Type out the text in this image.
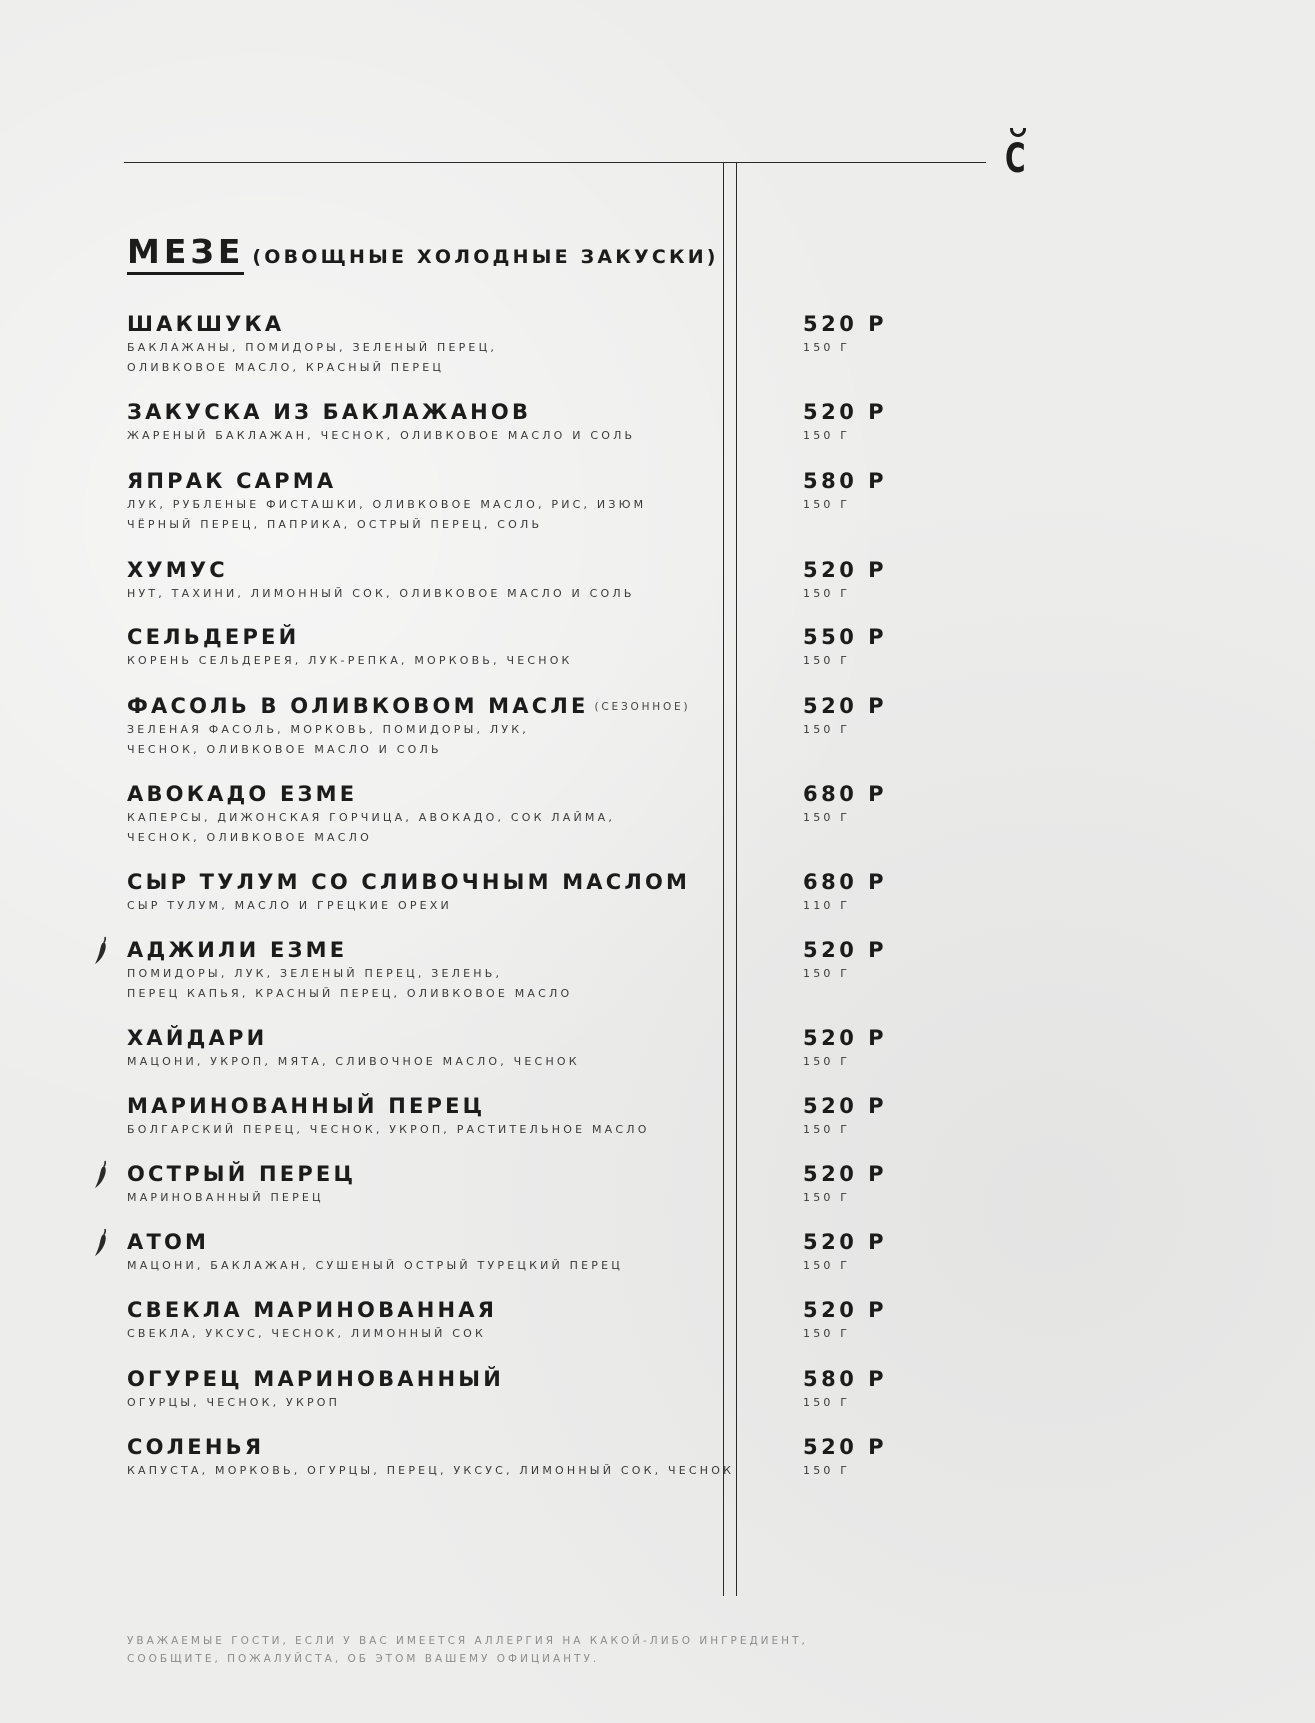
С
МЕЗЕ (ОВОЩНЫЕ ХОЛОДНЫЕ ЗАКУСКИ)
ШАКШУКА
БАКЛАЖАНЫ, ПОМИДОРЫ, ЗЕЛЕНЫЙ ПЕРЕЦ,
ОЛИВКОВОЕ МАСЛО, КРАСНЫЙ ПЕРЕЦ
520 Р
150 Г
ЗАКУСКА ИЗ БАКЛАЖАНОВ
ЖАРЕНЫЙ БАКЛАЖАН, ЧЕСНОК, ОЛИВКОВОЕ МАСЛО И СОЛЬ
520 Р
150 Г
ЯПРАК САРМА
ЛУК, РУБЛЕНЫЕ ФИСТАШКИ, ОЛИВКОВОЕ МАСЛО, РИС, ИЗЮМ
ЧЁРНЫЙ ПЕРЕЦ, ПАПРИКА, ОСТРЫЙ ПЕРЕЦ, СОЛЬ
580 Р
150 Г
ХУМУС
НУТ, ТАХИНИ, ЛИМОННЫЙ СОК, ОЛИВКОВОЕ МАСЛО И СОЛЬ
520 Р
150 Г
СЕЛЬДЕРЕЙ
КОРЕНЬ СЕЛЬДЕРЕЯ, ЛУК-РЕПКА, МОРКОВЬ, ЧЕСНОК
550 Р
150 Г
ФАСОЛЬ В ОЛИВКОВОМ МАСЛЕ (СЕЗОННОЕ)
ЗЕЛЕНАЯ ФАСОЛЬ, МОРКОВЬ, ПОМИДОРЫ, ЛУК,
ЧЕСНОК, ОЛИВКОВОЕ МАСЛО И СОЛЬ
520 Р
150 Г
АВОКАДО ЕЗМЕ
КАПЕРСЫ, ДИЖОНСКАЯ ГОРЧИЦА, АВОКАДО, СОК ЛАЙМА,
ЧЕСНОК, ОЛИВКОВОЕ МАСЛО
680 Р
150 Г
СЫР ТУЛУМ СО СЛИВОЧНЫМ МАСЛОМ
СЫР ТУЛУМ, МАСЛО И ГРЕЦКИЕ ОРЕХИ
680 Р
110 Г
АДЖИЛИ ЕЗМЕ
ПОМИДОРЫ, ЛУК, ЗЕЛЕНЫЙ ПЕРЕЦ, ЗЕЛЕНЬ,
ПЕРЕЦ КАПЬЯ, КРАСНЫЙ ПЕРЕЦ, ОЛИВКОВОЕ МАСЛО
520 Р
150 Г
ХАЙДАРИ
МАЦОНИ, УКРОП, МЯТА, СЛИВОЧНОЕ МАСЛО, ЧЕСНОК
520 Р
150 Г
МАРИНОВАННЫЙ ПЕРЕЦ
БОЛГАРСКИЙ ПЕРЕЦ, ЧЕСНОК, УКРОП, РАСТИТЕЛЬНОЕ МАСЛО
520 Р
150 Г
ОСТРЫЙ ПЕРЕЦ
МАРИНОВАННЫЙ ПЕРЕЦ
520 Р
150 Г
АТОМ
МАЦОНИ, БАКЛАЖАН, СУШЕНЫЙ ОСТРЫЙ ТУРЕЦКИЙ ПЕРЕЦ
520 Р
150 Г
СВЕКЛА МАРИНОВАННАЯ
СВЕКЛА, УКСУС, ЧЕСНОК, ЛИМОННЫЙ СОК
520 Р
150 Г
ОГУРЕЦ МАРИНОВАННЫЙ
ОГУРЦЫ, ЧЕСНОК, УКРОП
580 Р
150 Г
СОЛЕНЬЯ
КАПУСТА, МОРКОВЬ, ОГУРЦЫ, ПЕРЕЦ, УКСУС, ЛИМОННЫЙ СОК, ЧЕСНОК
520 Р
150 Г
УВАЖАЕМЫЕ ГОСТИ, ЕСЛИ У ВАС ИМЕЕТСЯ АЛЛЕРГИЯ НА КАКОЙ-ЛИБО ИНГРЕДИЕНТ,
СООБЩИТЕ, ПОЖАЛУЙСТА, ОБ ЭТОМ ВАШЕМУ ОФИЦИАНТУ.
